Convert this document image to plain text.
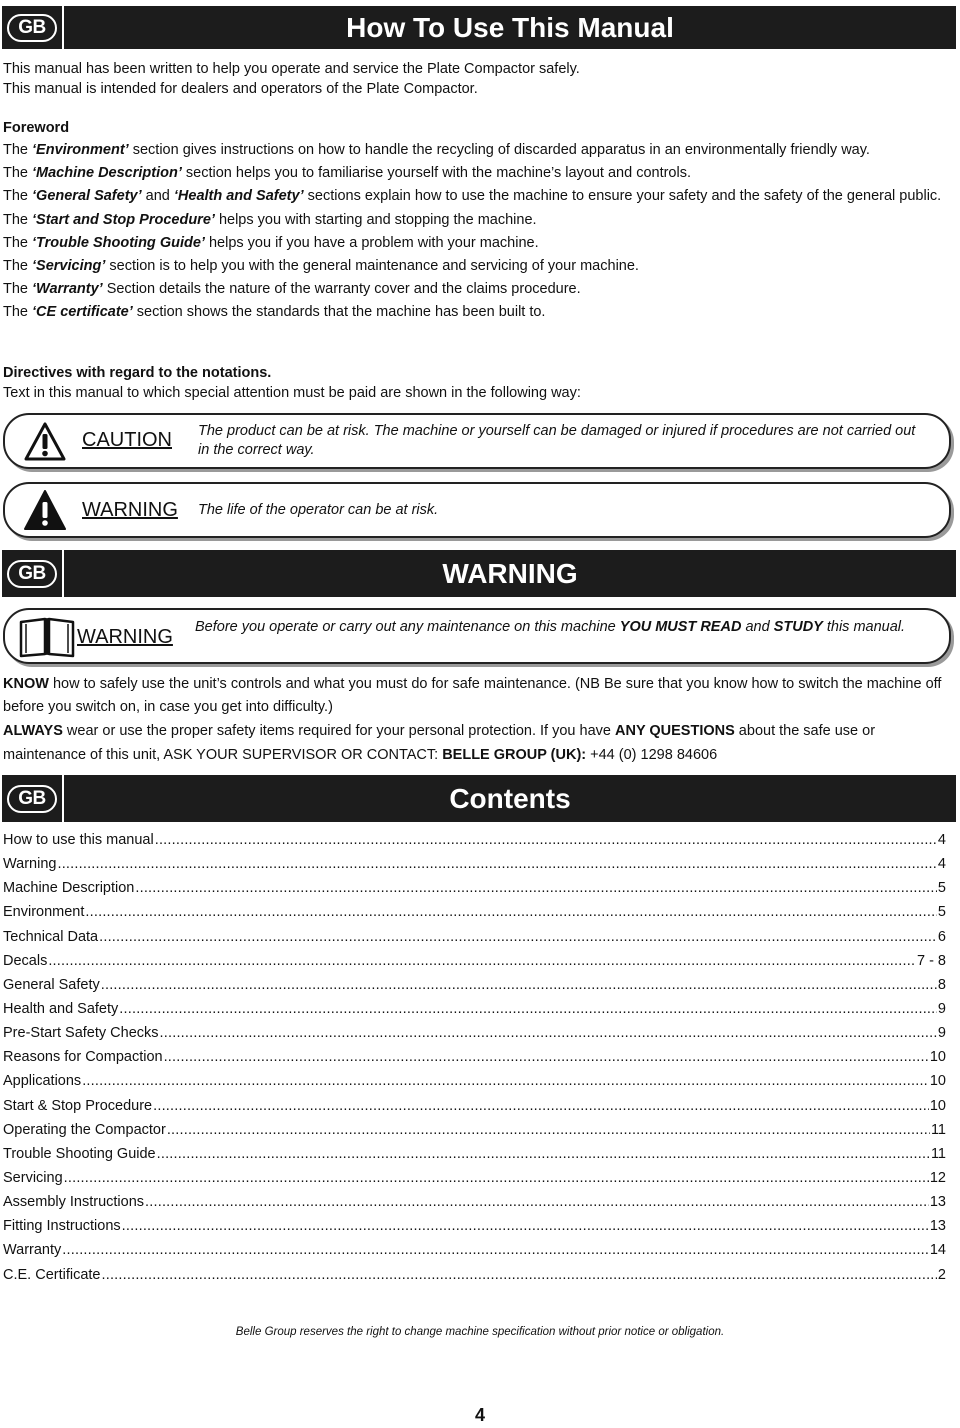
GB	How To Use This Manual

This manual has been written to help you operate and service the Plate Compactor safely.

This manual is intended for dealers and operators of the Plate Compactor.

Foreword

The ‘Environment’ section gives instructions on how to handle the recycling of discarded apparatus in an environmentally friendly way.

The ‘Machine Description’ section helps you to familiarise yourself with the machine’s layout and controls.

The ‘General Safety’ and ‘Health and Safety’ sections explain how to use the machine to ensure your safety and the safety of the general public.

The ‘Start and Stop Procedure’ helps you with starting and stopping the machine.

The ‘Trouble Shooting Guide’ helps you if you have a problem with your machine.

The ‘Servicing’ section is to help you with the general maintenance and servicing of your machine.

The ‘Warranty’ Section details the nature of the warranty cover and the claims procedure.

The ‘CE certificate’ section shows the standards that the machine has been built to.

Directives with regard to the notations.

Text in this manual to which special attention must be paid are shown in the following way:

CAUTION The product can be at risk. The machine or yourself can be damaged or injured if procedures are not carried out in the correct way.
WARNING The life of the operator can be at risk.
GB	WARNING
WARNING Before you operate or carry out any maintenance on this machine YOU MUST READ and STUDY this manual.

KNOW how to safely use the unit’s controls and what you must do for safe maintenance. (NB Be sure that you know how to switch the machine off before you switch on, in case you get into difficulty.)

ALWAYS wear or use the proper safety items required for your personal protection. If you have ANY QUESTIONS about the safe use or maintenance of this unit, ASK YOUR SUPERVISOR OR CONTACT: BELLE GROUP (UK): +44 (0) 1298 84606

GB	Contents
How to use this manual .....	4
Warning .....	4
Machine Description .....	5
Environment .....	5
Technical Data .....	6
Decals .....	7 - 8
General Safety .....	8
Health and Safety .....	9
Pre-Start Safety Checks .....	9
Reasons for Compaction .....	10
Applications .....	10
Start & Stop Procedure .....	10
Operating the Compactor .....	11
Trouble Shooting Guide .....	11
Servicing .....	12
Assembly Instructions .....	13
Fitting Instructions .....	13
Warranty .....	14
C.E. Certificate .....	2
Belle Group reserves the right to change machine specification without prior notice or obligation.
4
